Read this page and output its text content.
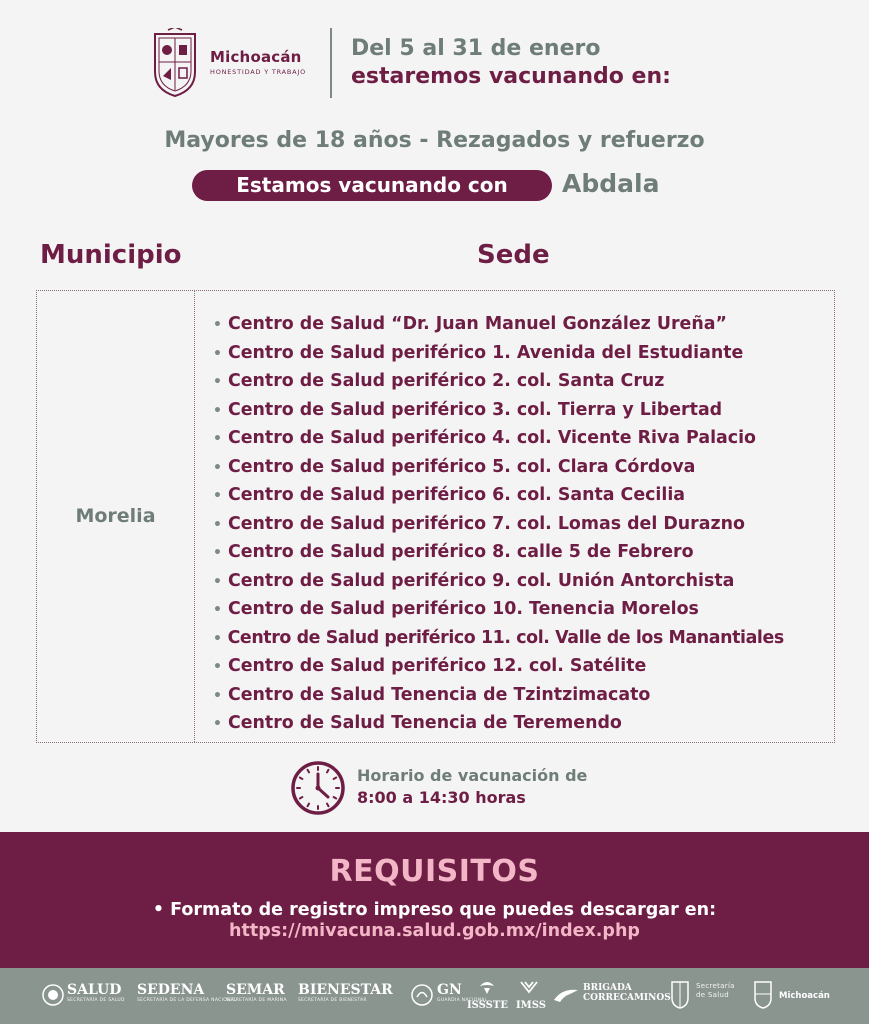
Michoacán
HONESTIDAD Y TRABAJO
Del 5 al 31 de enero
estaremos vacunando en:
Mayores de 18 años - Rezagados y refuerzo
Estamos vacunando con	Abdala
Municipio	Sede
Morelia
• Centro de Salud “Dr. Juan Manuel González Ureña”
• Centro de Salud periférico 1. Avenida del Estudiante
• Centro de Salud periférico 2. col. Santa Cruz
• Centro de Salud periférico 3. col. Tierra y Libertad
• Centro de Salud periférico 4. col. Vicente Riva Palacio
• Centro de Salud periférico 5. col. Clara Córdova
• Centro de Salud periférico 6. col. Santa Cecilia
• Centro de Salud periférico 7. col. Lomas del Durazno
• Centro de Salud periférico 8. calle 5 de Febrero
• Centro de Salud periférico 9. col. Unión Antorchista
• Centro de Salud periférico 10. Tenencia Morelos
• Centro de Salud periférico 11. col. Valle de los Manantiales
• Centro de Salud periférico 12. col. Satélite
• Centro de Salud Tenencia de Tzintzimacato
• Centro de Salud Tenencia de Teremendo
Horario de vacunación de
8:00 a 14:30 horas
REQUISITOS
• Formato de registro impreso que puedes descargar en:
https://mivacuna.salud.gob.mx/index.php
SALUD
SECRETARÍA DE SALUD
SEDENA
SECRETARÍA DE LA DEFENSA NACIONAL
SEMAR
SECRETARÍA DE MARINA
BIENESTAR
SECRETARÍA DE BIENESTAR
GN
GUARDIA NACIONAL
ISSSTE IMSS
BRIGADA
CORRECAMINOS
Secretaría
de Salud	Michoacán
